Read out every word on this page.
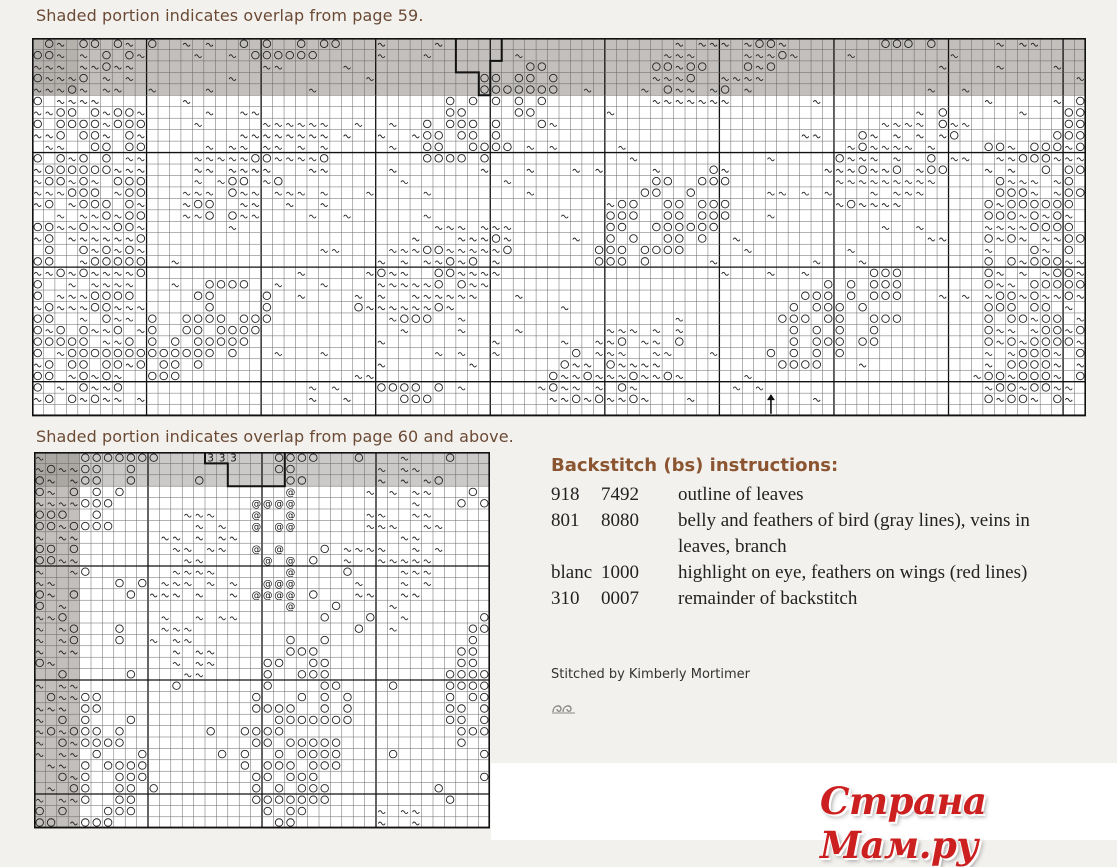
Shaded portion indicates overlap from page 59.
Shaded portion indicates overlap from page 60 and above.
3 3 3
@
@ @ @ @
@	@
@ @ @
@ @
@ @
@
@ @ @
@ @ @ @
@
Backstitch (bs) instructions:
918	7492	outline of leaves
801	8080	belly and feathers of bird (gray lines), veins in leaves, branch
blanc 1000	highlight on eye, feathers on wings (red lines)
310	0007	remainder of backstitch
Stitched by Kimberly Mortimer
Страна Мам.ру
